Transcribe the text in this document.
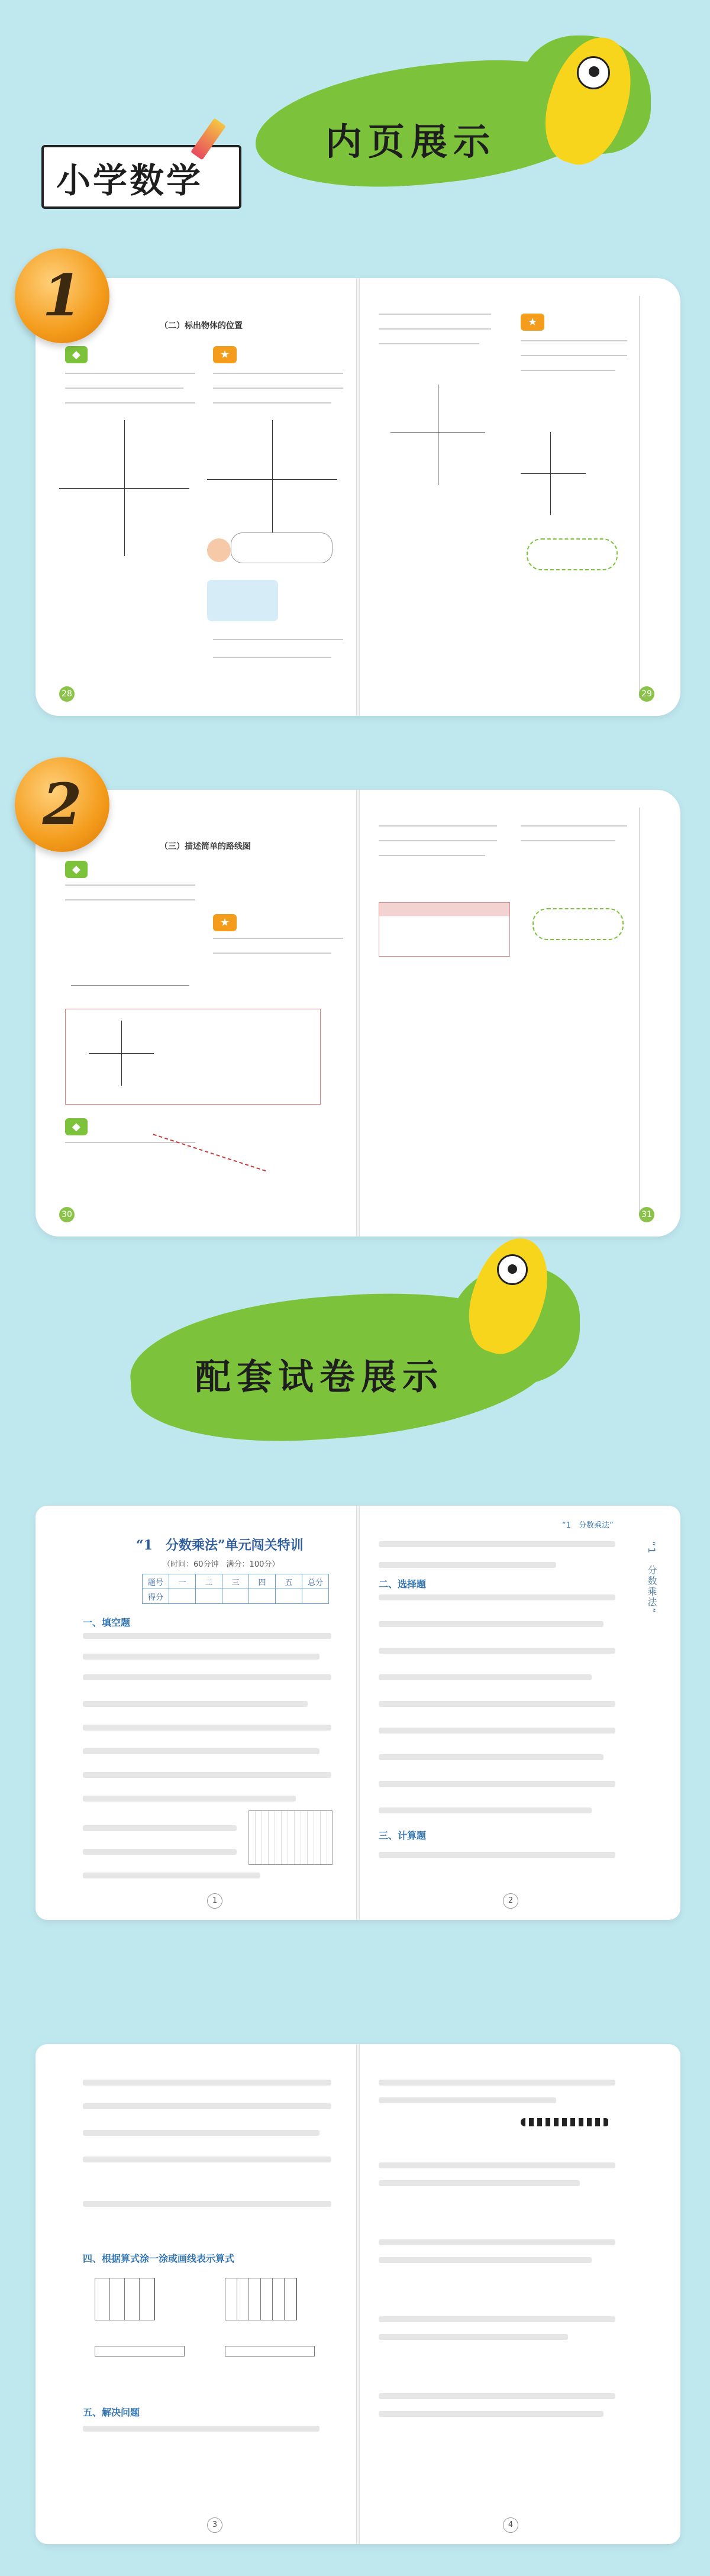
内页展示
小学数学
（二）标出物体的位置
◆	★
28
★
29
1
（三）描述简单的路线图
◆
★
◆
30	31
2
配套试卷展示
“1　分数乘法”单元闯关特训
（时间：60分钟　满分：100分）
题号	一	二	三	四	五	总分
得分						
一、填空题
1
“1　分数乘法”
二、选择题
三、计算题
“1　分数乘法”
2
四、根据算式涂一涂或画线表示算式
五、解决问题
3	4
